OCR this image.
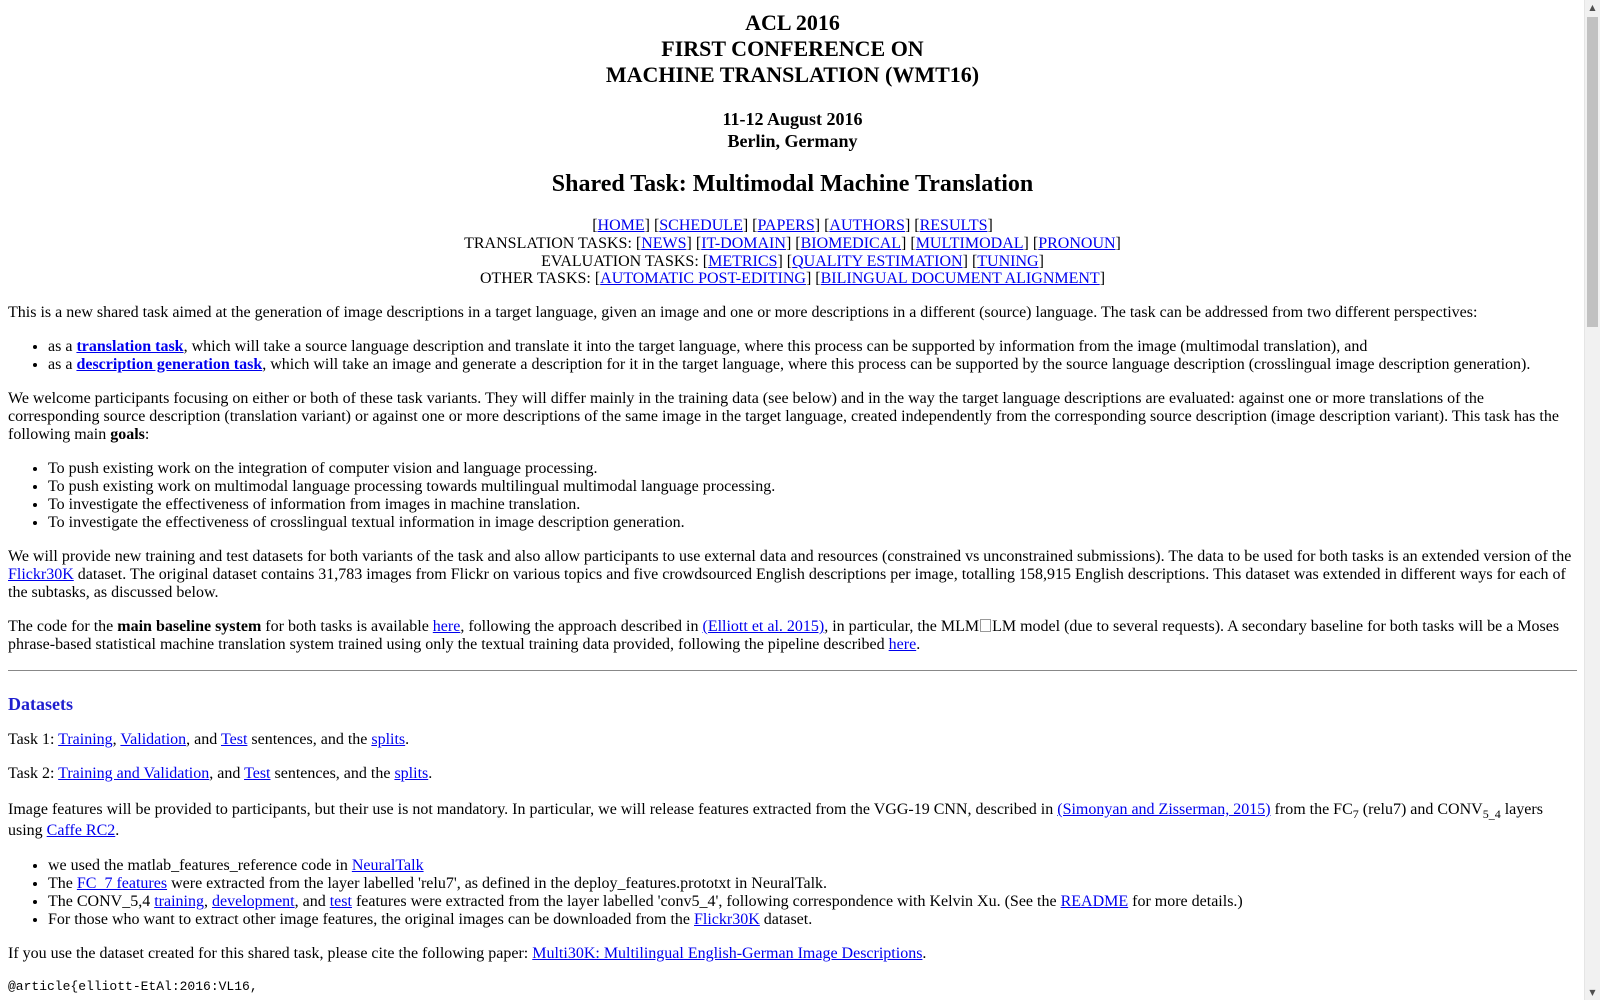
ACL 2016
FIRST CONFERENCE ON
MACHINE TRANSLATION (WMT16)
11-12 August 2016
Berlin, Germany
Shared Task: Multimodal Machine Translation
[HOME] [SCHEDULE] [PAPERS] [AUTHORS] [RESULTS]
TRANSLATION TASKS: [NEWS] [IT-DOMAIN] [BIOMEDICAL] [MULTIMODAL] [PRONOUN]
EVALUATION TASKS: [METRICS] [QUALITY ESTIMATION] [TUNING]
OTHER TASKS: [AUTOMATIC POST-EDITING] [BILINGUAL DOCUMENT ALIGNMENT]

This is a new shared task aimed at the generation of image descriptions in a target language, given an image and one or more descriptions in a different (source) language. The task can be addressed from two different perspectives:

• as a translation task, which will take a source language description and translate it into the target language, where this process can be supported by information from the image (multimodal translation), and
• as a description generation task, which will take an image and generate a description for it in the target language, where this process can be supported by the source language description (crosslingual image description generation).

We welcome participants focusing on either or both of these task variants. They will differ mainly in the training data (see below) and in the way the target language descriptions are evaluated: against one or more translations of the corresponding source description (translation variant) or against one or more descriptions of the same image in the target language, created independently from the corresponding source description (image description variant). This task has the following main goals:

• To push existing work on the integration of computer vision and language processing.
• To push existing work on multimodal language processing towards multilingual multimodal language processing.
• To investigate the effectiveness of information from images in machine translation.
• To investigate the effectiveness of crosslingual textual information in image description generation.

We will provide new training and test datasets for both variants of the task and also allow participants to use external data and resources (constrained vs unconstrained submissions). The data to be used for both tasks is an extended version of the Flickr30K dataset. The original dataset contains 31,783 images from Flickr on various topics and five crowdsourced English descriptions per image, totalling 158,915 English descriptions. This dataset was extended in different ways for each of the subtasks, as discussed below.

The code for the main baseline system for both tasks is available here, following the approach described in (Elliott et al. 2015), in particular, the MLM LM model (due to several requests). A secondary baseline for both tasks will be a Moses phrase-based statistical machine translation system trained using only the textual training data provided, following the pipeline described here.

Datasets

Task 1: Training, Validation, and Test sentences, and the splits.

Task 2: Training and Validation, and Test sentences, and the splits.

Image features will be provided to participants, but their use is not mandatory. In particular, we will release features extracted from the VGG-19 CNN, described in (Simonyan and Zisserman, 2015) from the $FC_7$ (relu7) and $CONV_{5\_4}$ layers using Caffe RC2.

• we used the matlab_features_reference code in NeuralTalk
• The FC_7 features were extracted from the layer labelled 'relu7', as defined in the deploy_features.prototxt in NeuralTalk.
• The CONV_5,4 training, development, and test features were extracted from the layer labelled 'conv5_4', following correspondence with Kelvin Xu. (See the README for more details.)
• For those who want to extract other image features, the original images can be downloaded from the Flickr30K dataset.

If you use the dataset created for this shared task, please cite the following paper: Multi30K: Multilingual English-German Image Descriptions.

@article{elliott-EtAl:2016:VL16,
▲
▼
